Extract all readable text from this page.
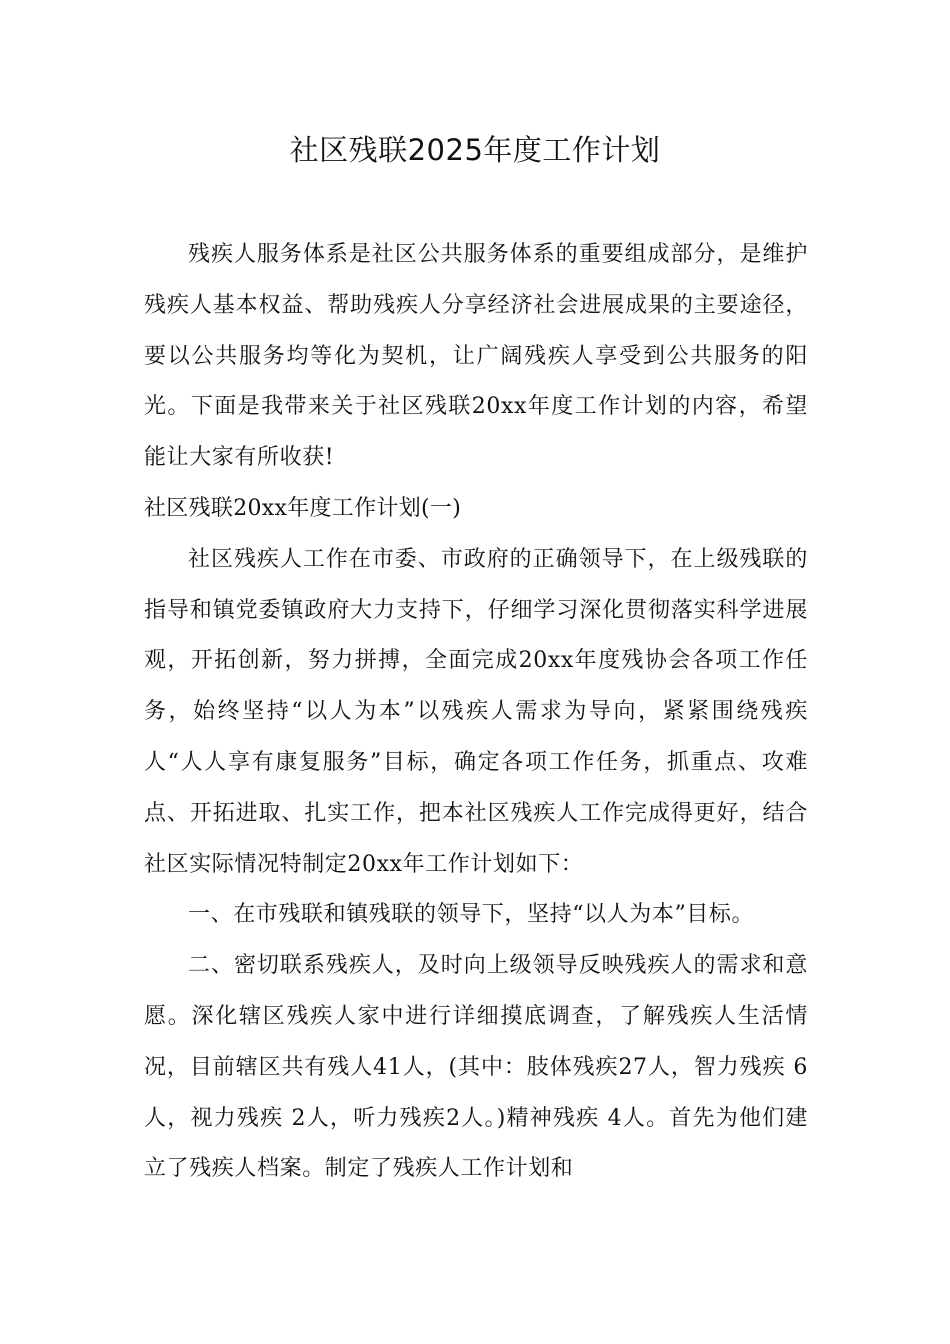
社区残联2025年度工作计划

残疾人服务体系是社区公共服务体系的重要组成部分，是维护残疾人基本权益、帮助残疾人分享经济社会进展成果的主要途径，要以公共服务均等化为契机，让广阔残疾人享受到公共服务的阳光。下面是我带来关于社区残联20xx年度工作计划的内容，希望能让大家有所收获!

社区残联20xx年度工作计划(一)

社区残疾人工作在市委、市政府的正确领导下，在上级残联的指导和镇党委镇政府大力支持下，仔细学习深化贯彻落实科学进展观，开拓创新，努力拼搏，全面完成20xx年度残协会各项工作任务，始终坚持“以人为本”以残疾人需求为导向，紧紧围绕残疾人“人人享有康复服务”目标，确定各项工作任务，抓重点、攻难点、开拓进取、扎实工作，把本社区残疾人工作完成得更好，结合社区实际情况特制定20xx年工作计划如下：

一、在市残联和镇残联的领导下，坚持“以人为本”目标。

二、密切联系残疾人，及时向上级领导反映残疾人的需求和意愿。深化辖区残疾人家中进行详细摸底调查，了解残疾人生活情况，目前辖区共有残人41人，(其中：肢体残疾27人，智力残疾 6人，视力残疾 2人，听力残疾2人。)精神残疾 4人。首先为他们建立了残疾人档案。制定了残疾人工作计划和
